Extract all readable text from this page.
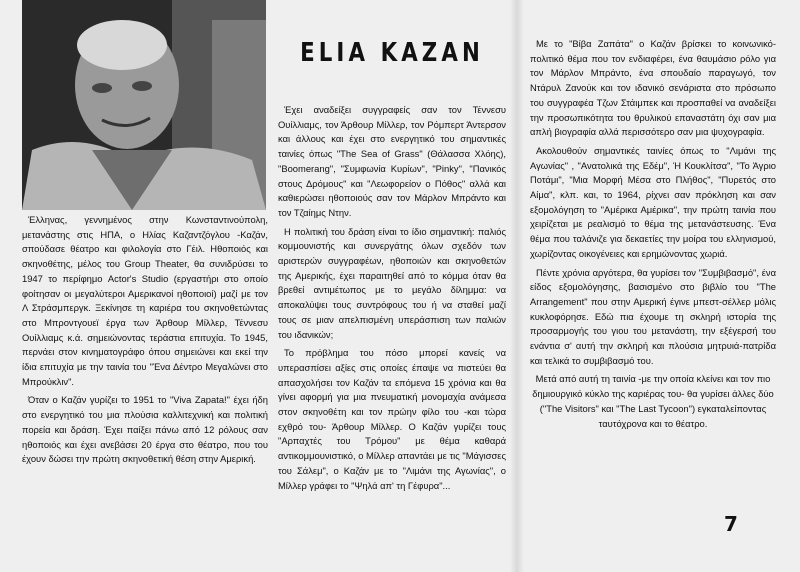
ELIA KAZAN

Έλληνας, γεννημένος στην Κωνσταντινούπολη, μετανάστης στις ΗΠΑ, ο Ηλίας Καζαντζόγλου -Καζάν, σπούδασε θέατρο και φιλολογία στο Γέιλ. Ηθοποιός και σκηνοθέτης, μέλος του Group Theater, θα συνιδρύσει το 1947 το περίφημο Actor's Studio (εργαστήρι στο οποίο φοίτησαν οι μεγαλύτεροι Αμερικανοί ηθοποιοί) μαζί με τον Λ Στράσμπεργκ. Ξεκίνησε τη καριέρα του σκηνοθετώντας στο Μπροντγουεϊ έργα των Άρθουρ Μίλλερ, Τέννεσυ Ουίλλιαμς κ.ά. σημειώνοντας τεράστια επιτυχία. Το 1945, περνάει στον κινηματογράφο όπου σημειώνει και εκεί την ίδια επιτυχία με την ταινία του "Ένα Δέντρο Μεγαλώνει στο Μπρούκλιν".

Όταν ο Καζάν γυρίζει το 1951 το "Viva Zapata!" έχει ήδη στο ενεργητικό του μια πλούσια καλλιτεχνική και πολιτική πορεία και δράση. Έχει παίξει πάνω από 12 ρόλους σαν ηθοποιός και έχει ανεβάσει 20 έργα στο θέατρο, που του έχουν δώσει την πρώτη σκηνοθετική θέση στην Αμερική.

Έχει αναδείξει συγγραφείς σαν τον Τέννεσυ Ουίλλιαμς, τον Άρθουρ Μίλλερ, τον Ρόμπερτ Άντερσον και άλλους και έχει στο ενεργητικό του σημαντικές ταινίες όπως "The Sea of Grass" (Θάλασσα Χλόης), "Boomerang", "Συμφωνία Κυρίων", "Pinky", "Πανικός στους Δρόμους" και "Λεωφορείον ο Πόθος" αλλά και καθιερώσει ηθοποιούς σαν τον Μάρλον Μπράντο και τον Τζαίημς Ντην.

Η πολιτική του δράση είναι το ίδιο σημαντική: παλιός κομμουνιστής και συνεργάτης όλων σχεδόν των αριστερών συγγραφέων, ηθοποιών και σκηνοθετών της Αμερικής, έχει παραιτηθεί από το κόμμα όταν θα βρεθεί αντιμέτωπος με το μεγάλο δίλημμα: να αποκαλύψει τους συντρόφους του ή να σταθεί μαζί τους σε μιαν απελπισμένη υπεράσπιση των παλιών του ιδανικών;

Το πρόβλημα του πόσο μπορεί κανείς να υπερασπίσει αξίες στις οποίες έπαψε να πιστεύει θα απασχολήσει τον Καζάν τα επόμενα 15 χρόνια και θα γίνει αφορμή για μια πνευματική μονομαχία ανάμεσα στον σκηνοθέτη και τον πρώην φίλο του -και τώρα εχθρό του- Άρθουρ Μίλλερ. Ο Καζάν γυρίζει τους "Αρπαχτές του Τρόμου" με θέμα καθαρά αντικομμουνιστικό, ο Μίλλερ απαντάει με τις "Μάγισσες του Σάλεμ", ο Καζάν με το "Λιμάνι της Αγωνίας", ο Μίλλερ γράφει το "Ψηλά απ' τη Γέφυρα"...

Με το "Βίβα Ζαπάτα" ο Καζάν βρίσκει το κοινωνικό-πολιτικό θέμα που τον ενδιαφέρει, ένα θαυμάσιο ρόλο για τον Μάρλον Μπράντο, ένα σπουδαίο παραγωγό, τον Ντάρυλ Ζανούκ και τον ιδανικό σενάριστα στο πρόσωπο του συγγραφέα Τζων Στάιμπεκ και προσπαθεί να αναδείξει την προσωπικότητα του θρυλικού επαναστάτη όχι σαν μια απλή βιογραφία αλλά περισσότερο σαν μια ψυχογραφία.

Ακολουθούν σημαντικές ταινίες όπως το "Λιμάνι της Αγωνίας" , "Ανατολικά της Εδέμ", Ή Κουκλίτσα", "Το Άγριο Ποτάμι", "Μια Μορφή Μέσα στο Πλήθος", "Πυρετός στο Αίμα", κλπ. και, το 1964, ρίχνει σαν πρόκληση και σαν εξομολόγηση το "Αμέρικα Αμέρικα", την πρώτη ταινία που χειρίζεται με ρεαλισμό το θέμα της μετανάστευσης. Ένα θέμα που ταλάνιζε για δεκαετίες την μοίρα του ελληνισμού, χωρίζοντας οικογένειες και ερημώνοντας χωριά.

Πέντε χρόνια αργότερα, θα γυρίσει τον "Συμβιβασμό", ένα είδος εξομολόγησης, βασισμένο στο βιβλίο του "The Arrangement" που στην Αμερική έγινε μπεστ-σέλλερ μόλις κυκλοφόρησε. Εδώ πια έχουμε τη σκληρή ιστορία της προσαρμογής του γιου του μετανάστη, την εξέγερσή του ενάντια σ' αυτή την σκληρή και πλούσια μητρυιά-πατρίδα και τελικά το συμβιβασμό του.

Μετά από αυτή τη ταινία -με την οποία κλείνει και τον πιο δημιουργικό κύκλο της καριέρας του- θα γυρίσει άλλες δύο ("The Visitors" και "The Last Tycoon") εγκαταλείποντας ταυτόχρονα και το θέατρο.

7
